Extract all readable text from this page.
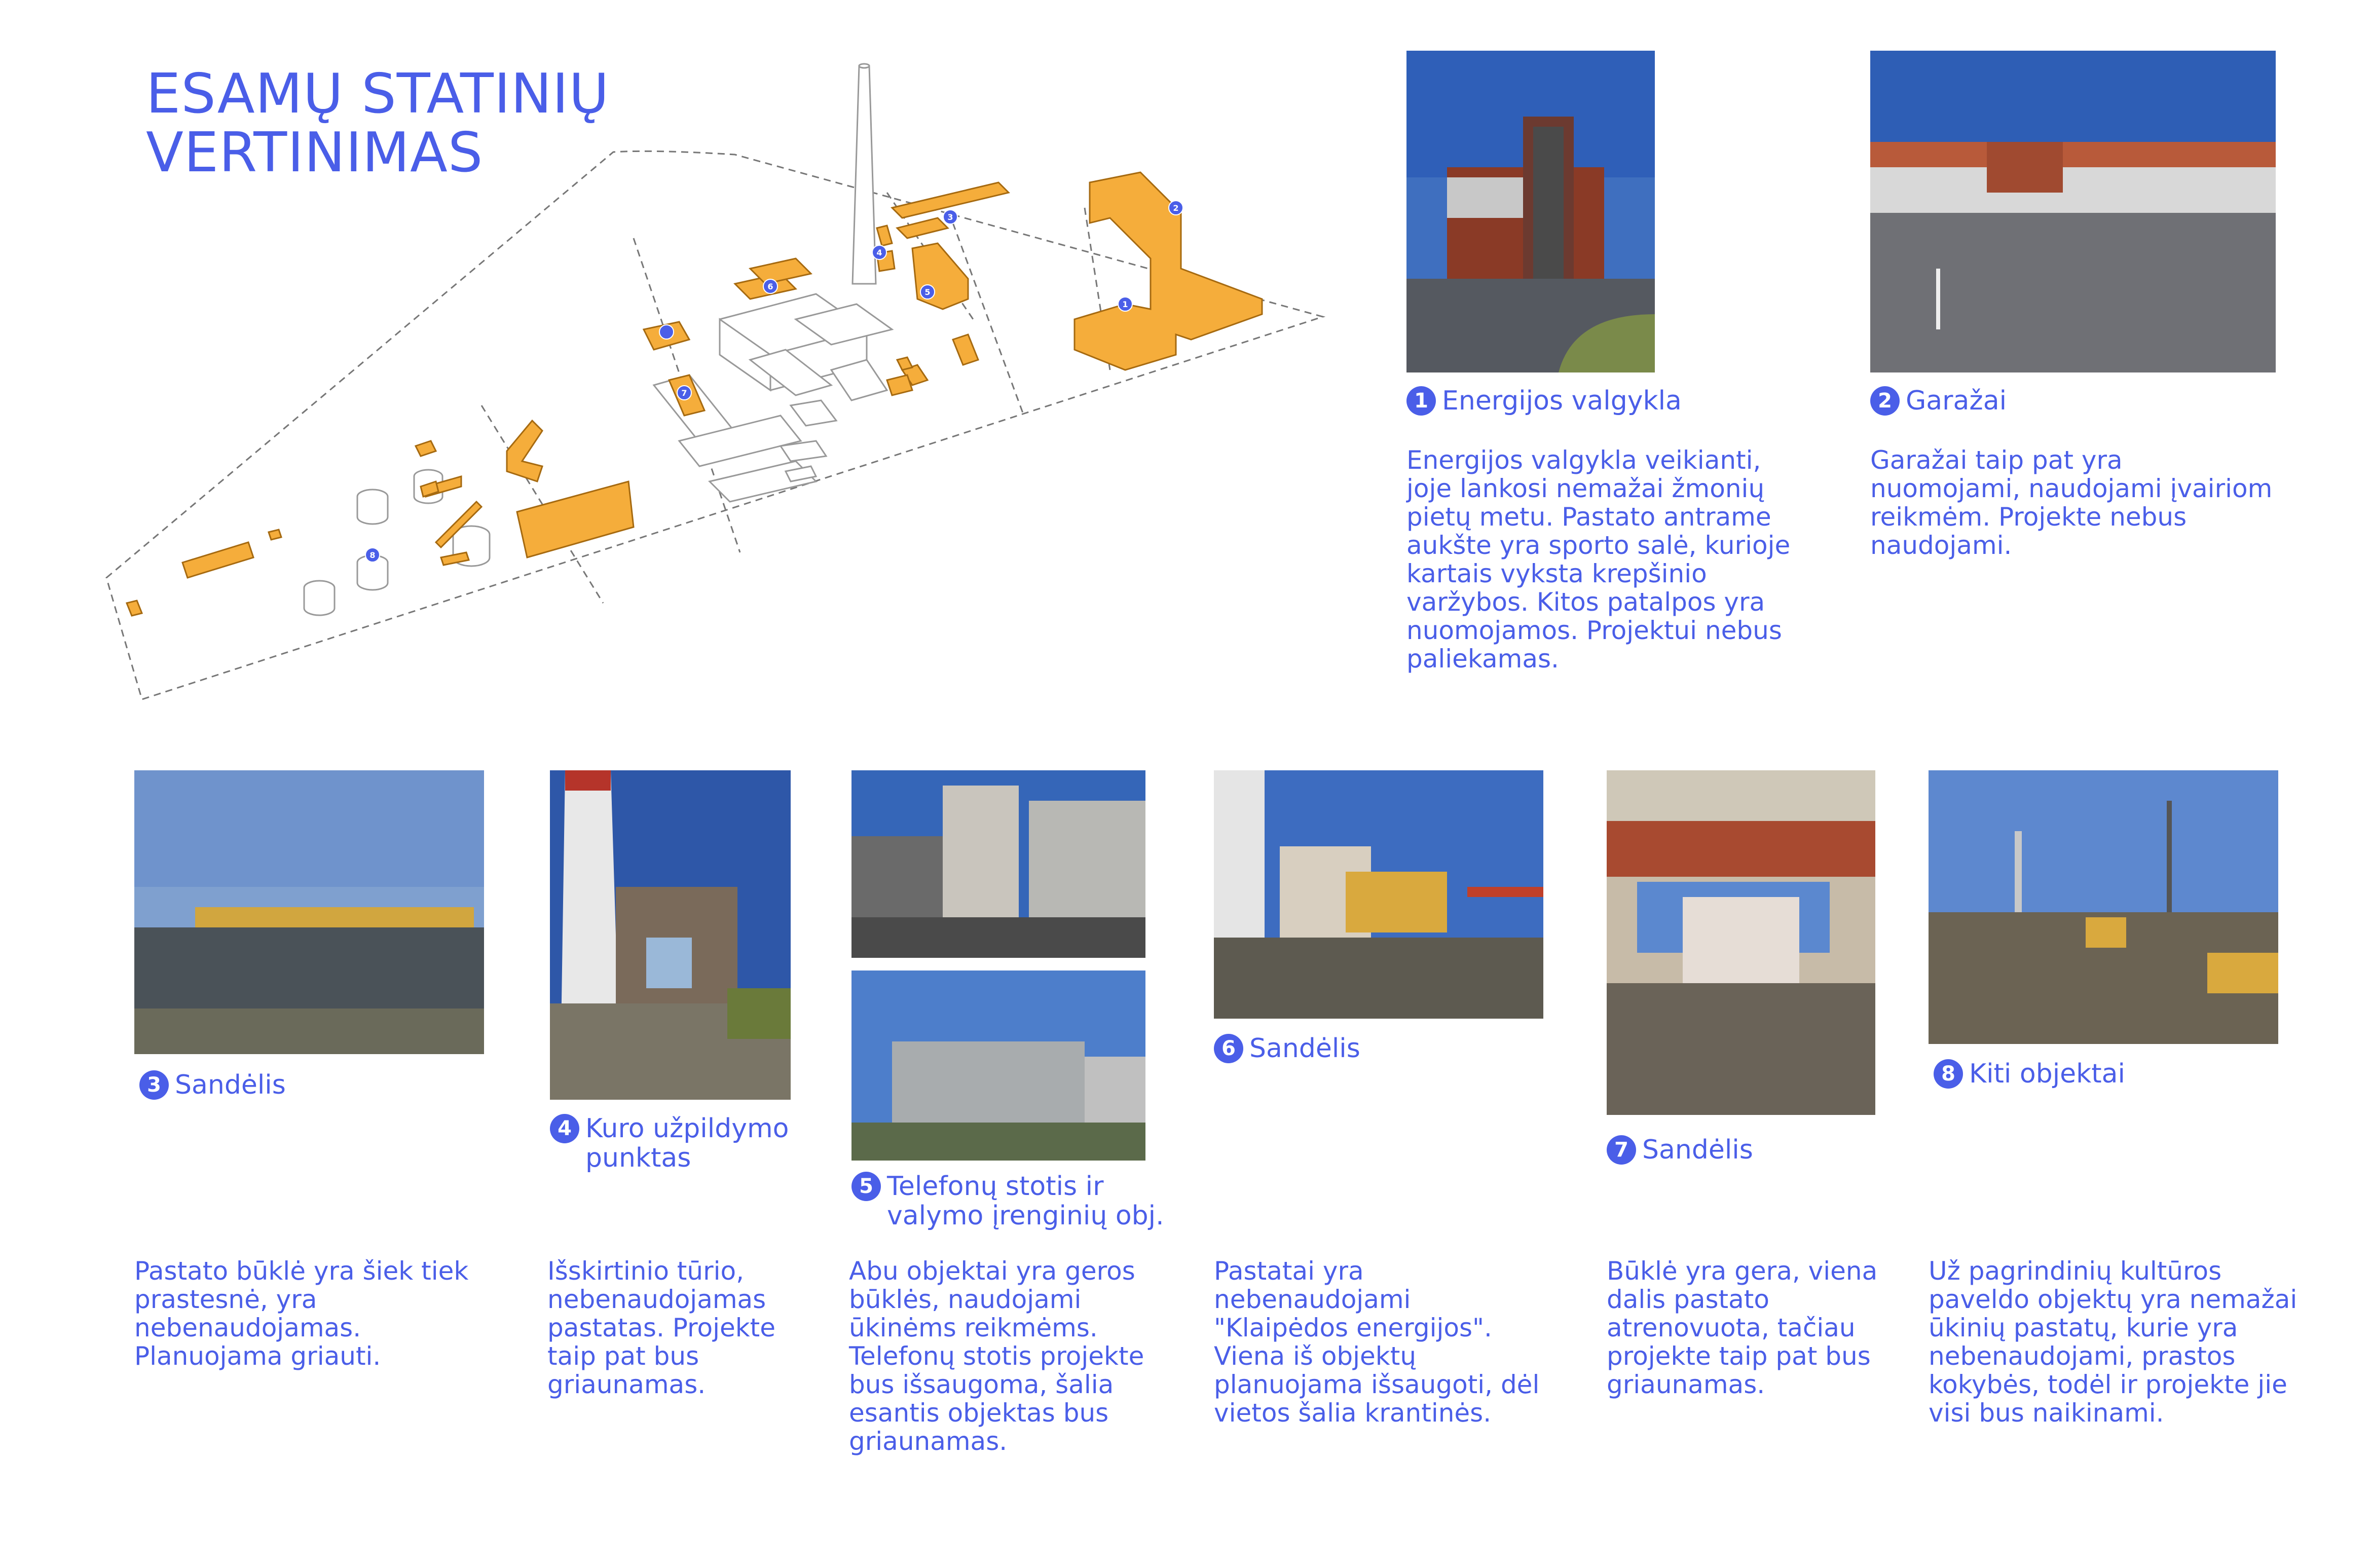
ESAMŲ STATINIŲ
VERTINIMAS
1
2
3
4
5
6
7
8
1 Energijos valgykla
Energijos valgykla veikianti,
joje lankosi nemažai žmonių
pietų metu. Pastato antrame
aukšte yra sporto salė, kurioje
kartais vyksta krepšinio
varžybos. Kitos patalpos yra
nuomojamos. Projektui nebus
paliekamas.
2 Garažai
Garažai taip pat yra
nuomojami, naudojami įvairiom
reikmėm. Projekte nebus
naudojami.
3 Sandėlis
Pastato būklė yra šiek tiek
prastesnė, yra
nebenaudojamas.
Planuojama griauti.
4 Kuro užpildymo
punktas
Išskirtinio tūrio,
nebenaudojamas
pastatas. Projekte
taip pat bus
griaunamas.
5 Telefonų stotis ir
valymo įrenginių obj.
Abu objektai yra geros
būklės, naudojami
ūkinėms reikmėms.
Telefonų stotis projekte
bus išsaugoma, šalia
esantis objektas bus
griaunamas.
6 Sandėlis
Pastatai yra
nebenaudojami
"Klaipėdos energijos".
Viena iš objektų
planuojama išsaugoti, dėl
vietos šalia krantinės.
7 Sandėlis
Būklė yra gera, viena
dalis pastato
atrenovuota, tačiau
projekte taip pat bus
griaunamas.
8 Kiti objektai
Už pagrindinių kultūros
paveldo objektų yra nemažai
ūkinių pastatų, kurie yra
nebenaudojami, prastos
kokybės, todėl ir projekte jie
visi bus naikinami.
